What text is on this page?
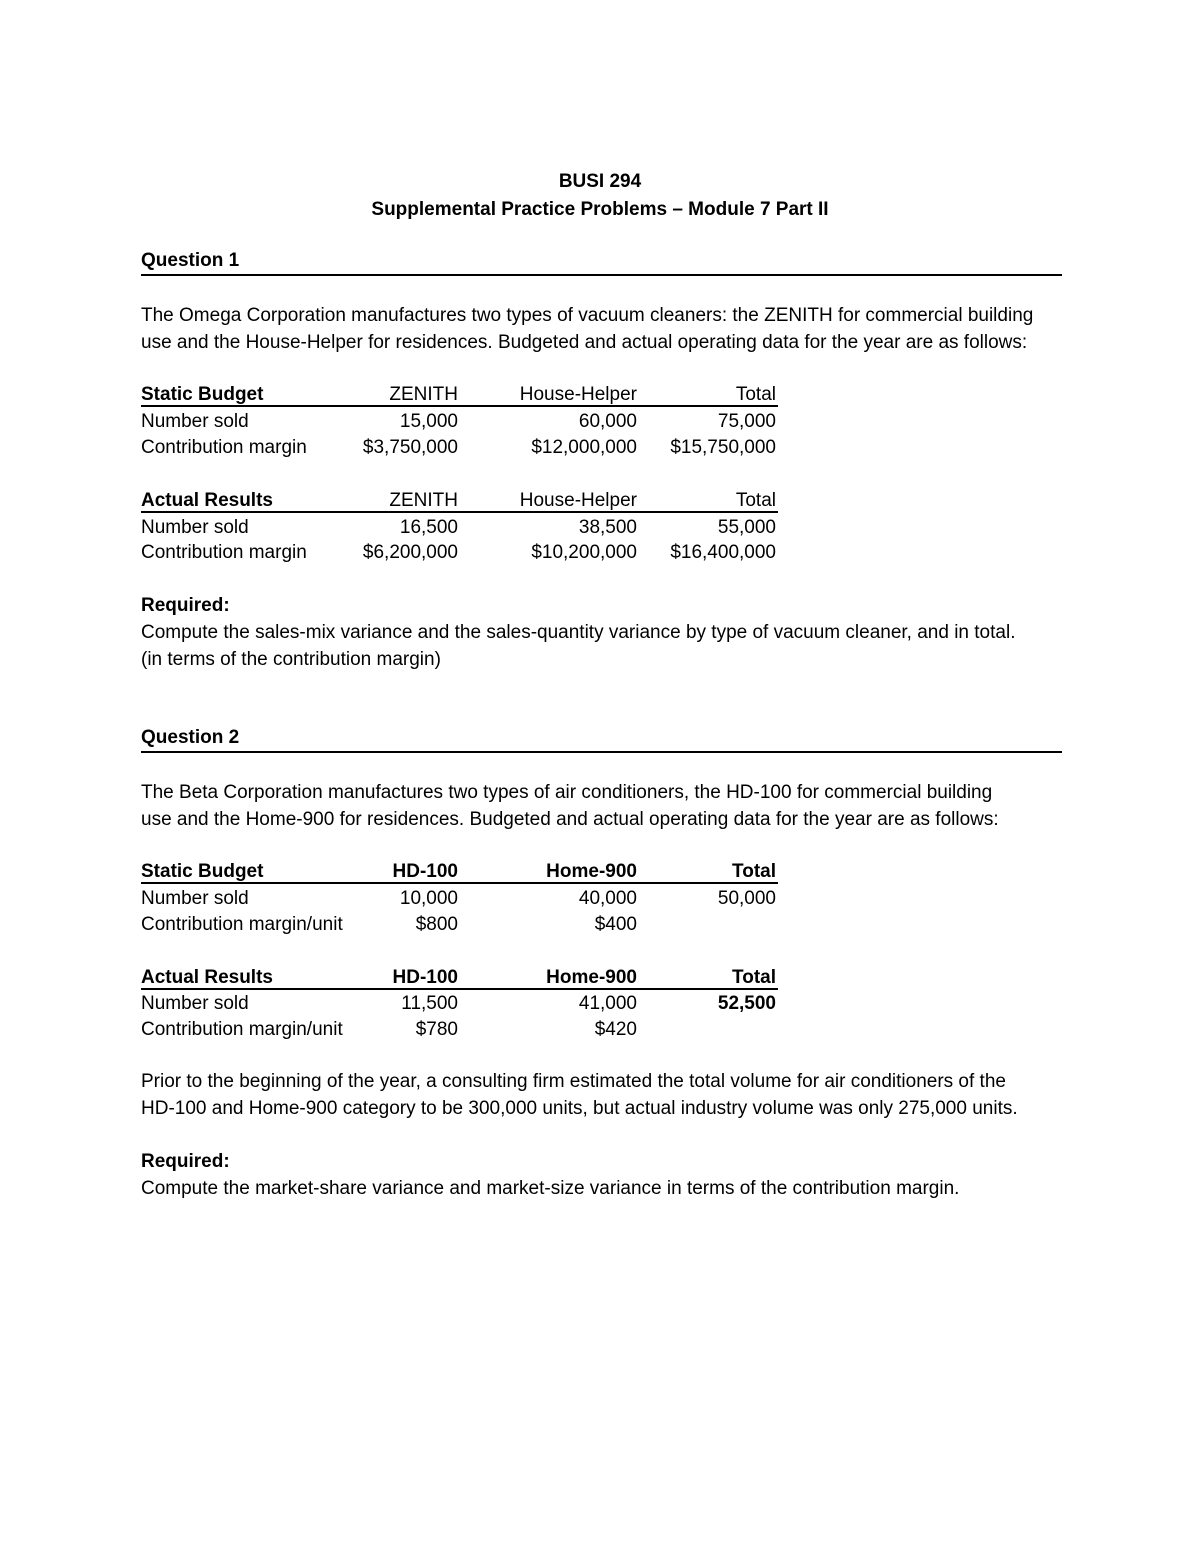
BUSI 294
Supplemental Practice Problems – Module 7 Part II
Question 1
The Omega Corporation manufactures two types of vacuum cleaners: the ZENITH for commercial building
use and the House-Helper for residences. Budgeted and actual operating data for the year are as follows:
Static Budget	ZENITH	House-Helper	Total
Number sold	15,000	60,000	75,000
Contribution margin	$3,750,000	$12,000,000 $15,750,000
Actual Results	ZENITH	House-Helper	Total
Number sold	16,500	38,500	55,000
Contribution margin	$6,200,000	$10,200,000 $16,400,000
Required:
Compute the sales-mix variance and the sales-quantity variance by type of vacuum cleaner, and in total.
(in terms of the contribution margin)
Question 2
The Beta Corporation manufactures two types of air conditioners, the HD-100 for commercial building
use and the Home-900 for residences. Budgeted and actual operating data for the year are as follows:
Static Budget	HD-100	Home-900	Total
Number sold	10,000	40,000	50,000
Contribution margin/unit	$800	$400
Actual Results	HD-100	Home-900	Total
Number sold	11,500	41,000	52,500
Contribution margin/unit	$780	$420
Prior to the beginning of the year, a consulting firm estimated the total volume for air conditioners of the
HD-100 and Home-900 category to be 300,000 units, but actual industry volume was only 275,000 units.
Required:
Compute the market-share variance and market-size variance in terms of the contribution margin.
